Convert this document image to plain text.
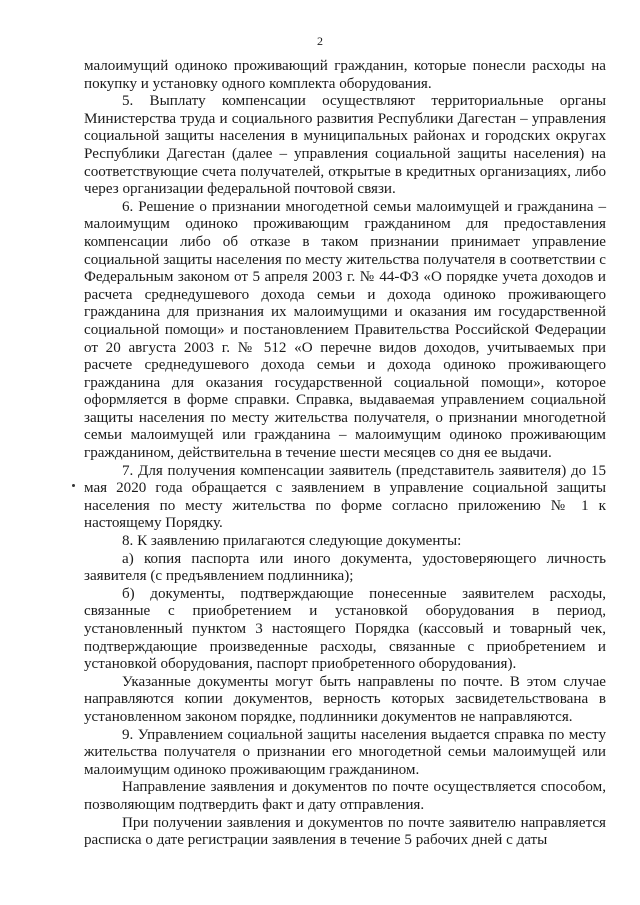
2

малоимущий одиноко проживающий гражданин, которые понесли расходы на покупку и установку одного комплекта оборудования.

5. Выплату компенсации осуществляют территориальные органы Министерства труда и социального развития Республики Дагестан – управления социальной защиты населения в муниципальных районах и городских округах Республики Дагестан (далее – управления социальной защиты населения) на соответствующие счета получателей, открытые в кредитных организациях, либо через организации федеральной почтовой связи.

6. Решение о признании многодетной семьи малоимущей и гражданина – малоимущим одиноко проживающим гражданином для предоставления компенсации либо об отказе в таком признании принимает управление социальной защиты населения по месту жительства получателя в соответствии с Федеральным законом от 5 апреля 2003 г. № 44-ФЗ «О порядке учета доходов и расчета среднедушевого дохода семьи и дохода одиноко проживающего гражданина для признания их малоимущими и оказания им государственной социальной помощи» и постановлением Правительства Российской Федерации от 20 августа 2003 г. № 512 «О перечне видов доходов, учитываемых при расчете среднедушевого дохода семьи и дохода одиноко проживающего гражданина для оказания государственной социальной помощи», которое оформляется в форме справки. Справка, выдаваемая управлением социальной защиты населения по месту жительства получателя, о признании многодетной семьи малоимущей или гражданина – малоимущим одиноко проживающим гражданином, действительна в течение шести месяцев со дня ее выдачи.

7. Для получения компенсации заявитель (представитель заявителя) до 15 мая 2020 года обращается с заявлением в управление социальной защиты населения по месту жительства по форме согласно приложению № 1 к настоящему Порядку.

8. К заявлению прилагаются следующие документы:

а) копия паспорта или иного документа, удостоверяющего личность заявителя (с предъявлением подлинника);

б) документы, подтверждающие понесенные заявителем расходы, связанные с приобретением и установкой оборудования в период, установленный пунктом 3 настоящего Порядка (кассовый и товарный чек, подтверждающие произведенные расходы, связанные с приобретением и установкой оборудования, паспорт приобретенного оборудования).

Указанные документы могут быть направлены по почте. В этом случае направляются копии документов, верность которых засвидетельствована в установленном законом порядке, подлинники документов не направляются.

9. Управлением социальной защиты населения выдается справка по месту жительства получателя о признании его многодетной семьи малоимущей или малоимущим одиноко проживающим гражданином.

Направление заявления и документов по почте осуществляется способом, позволяющим подтвердить факт и дату отправления.

При получении заявления и документов по почте заявителю направляется расписка о дате регистрации заявления в течение 5 рабочих дней с даты
